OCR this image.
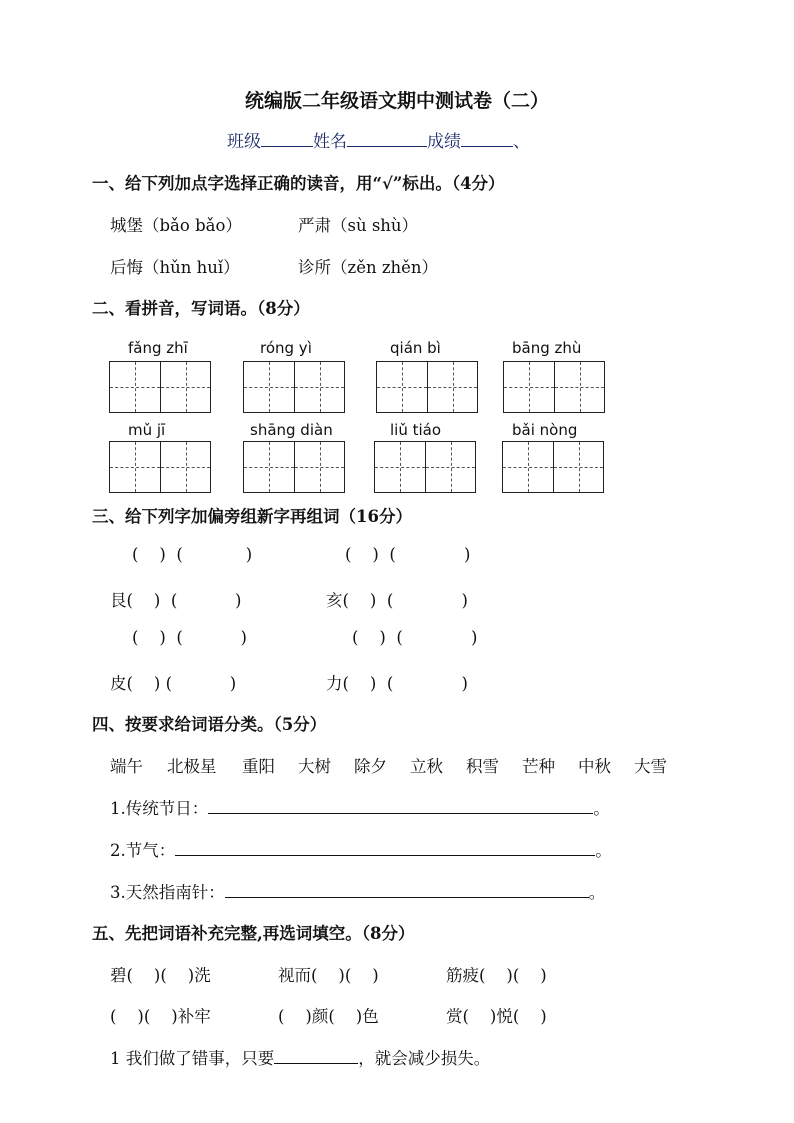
统编版二年级语文期中测试卷（二）
班级	姓名	成绩	、
一、给下列加点字选择正确的读音，用“√”标出。（4分）
城堡（bǎo bǎo）	严肃（sù shù）
后悔（hǔn huǐ）	诊所（zěn zhěn）
二、看拼音，写词语。（8分）
fǎng zhī	róng yì	qián bì	bāng zhù
mǔ jī	shāng diàn	liǔ tiáo	bǎi nòng
三、给下列字加偏旁组新字再组词（16分）
(    )  (            )	(    )  (             )
艮(    )  (           )	亥(    )  (             )
(    )  (           )	(    )  (             )
皮(    ) (           )	力(    )  (             )
四、按要求给词语分类。（5分）
端午 北极星 重阳 大树 除夕 立秋 积雪 芒种 中秋 大雪
1.传统节日：	。
2.节气：	。
3.天然指南针：	。
五、先把词语补充完整,再选词填空。（8分）
碧(    )(    )洗	视而(    )(    )	筋疲(    )(    )
(    )(    )补牢	(    )颜(    )色	赏(    )悦(    )
1 我们做了错事，只要	，就会减少损失。
